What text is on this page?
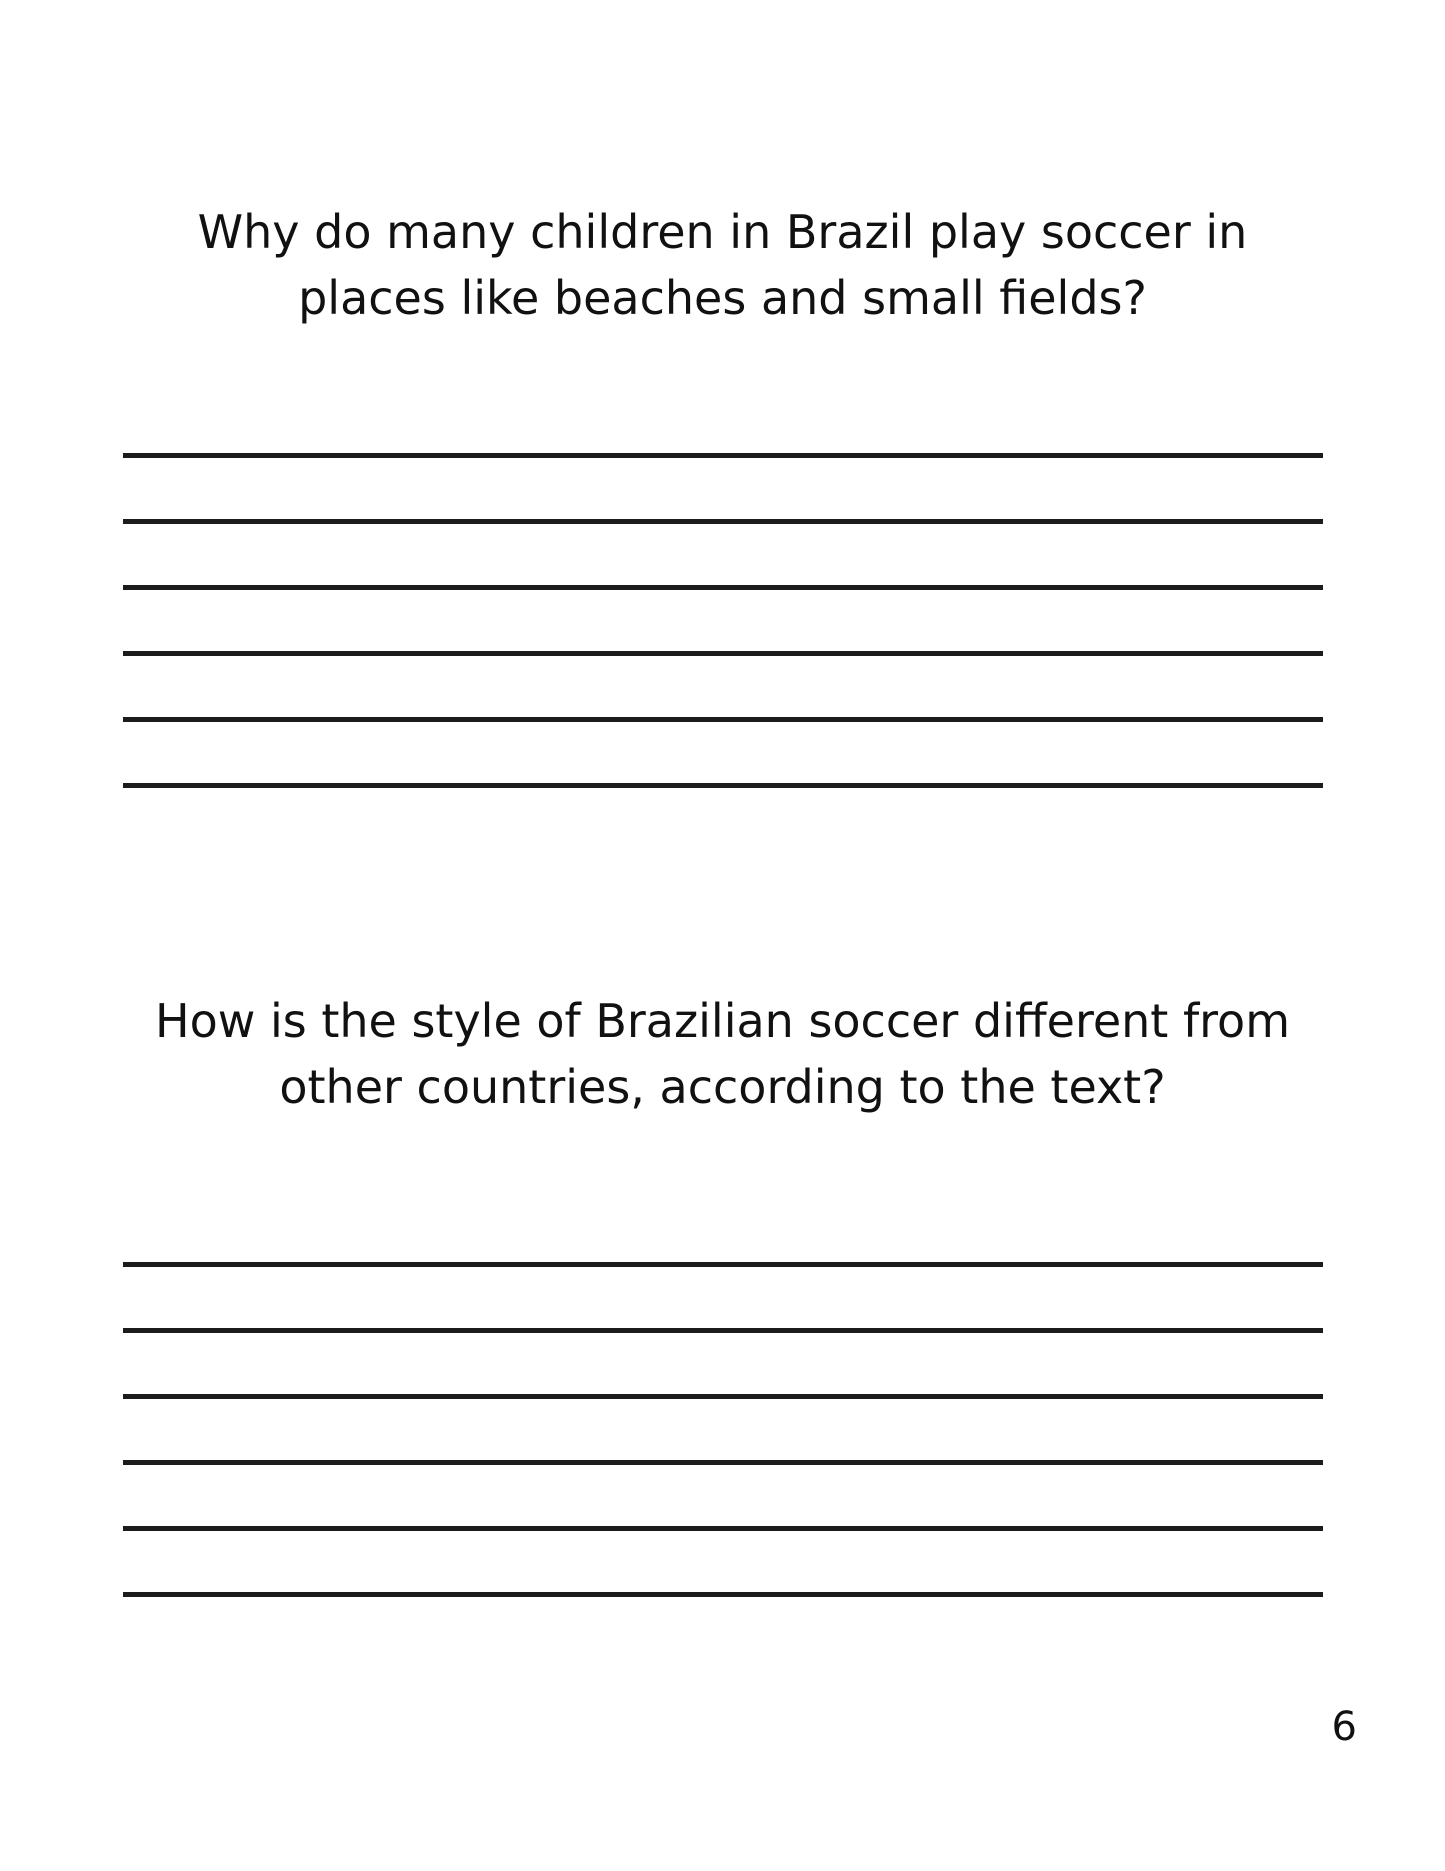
Why do many children in Brazil play soccer in
places like beaches and small fields?
How is the style of Brazilian soccer different from
other countries, according to the text?
6
